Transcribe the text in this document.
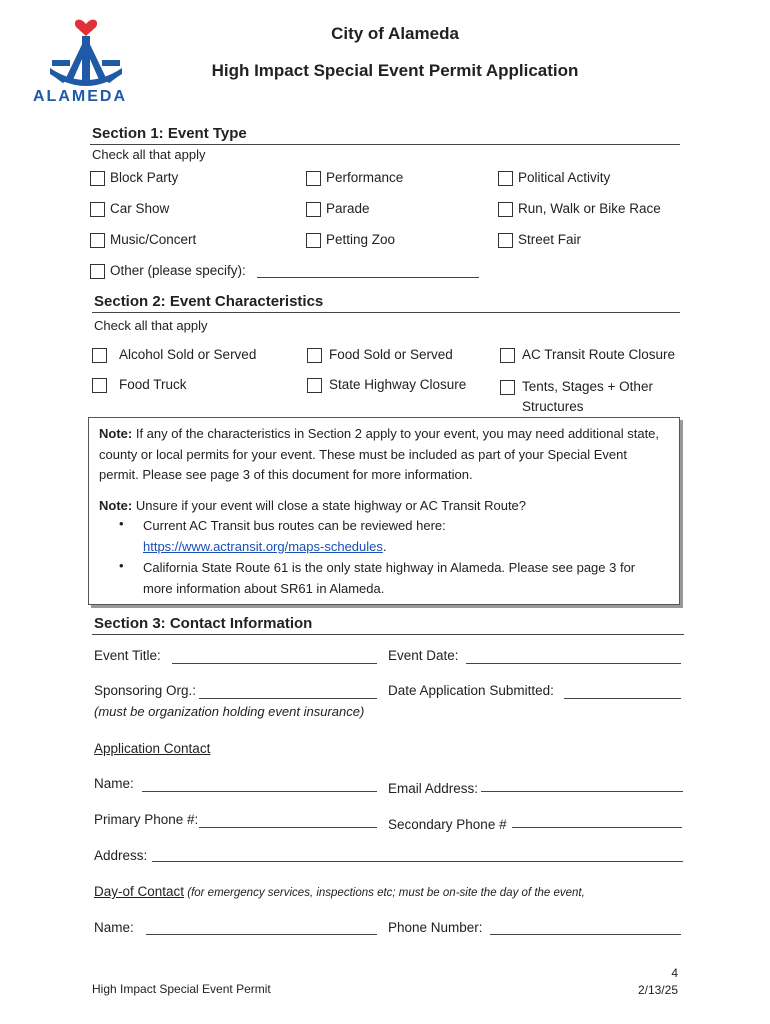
ALAMEDA
City of Alameda
High Impact Special Event Permit Application
Section 1: Event Type
Check all that apply
Block Party	Performance	Political Activity
Car Show	Parade	Run, Walk or Bike Race
Music/Concert	Petting Zoo	Street Fair
Other (please specify):
Section 2: Event Characteristics
Check all that apply
Alcohol Sold or Served	Food Sold or Served	AC Transit Route Closure
Food Truck	State Highway Closure	Tents, Stages + Other Structures
Note: If any of the characteristics in Section 2 apply to your event, you may need additional state, county or local permits for your event. These must be included as part of your Special Event permit. Please see page 3 of this document for more information.
Note: Unsure if your event will close a state highway or AC Transit Route?
• Current AC Transit bus routes can be reviewed here:
https://www.actransit.org/maps-schedules.
• California State Route 61 is the only state highway in Alameda. Please see page 3 for more information about SR61 in Alameda.
Section 3: Contact Information
Event Title:	Event Date:
Sponsoring Org.:	Date Application Submitted:
(must be organization holding event insurance)
Application Contact
Name:	Email Address:
Primary Phone #:	Secondary Phone #
Address:
Day-of Contact (for emergency services, inspections etc; must be on-site the day of the event,
Name:	Phone Number:
High Impact Special Event Permit
4
2/13/25
